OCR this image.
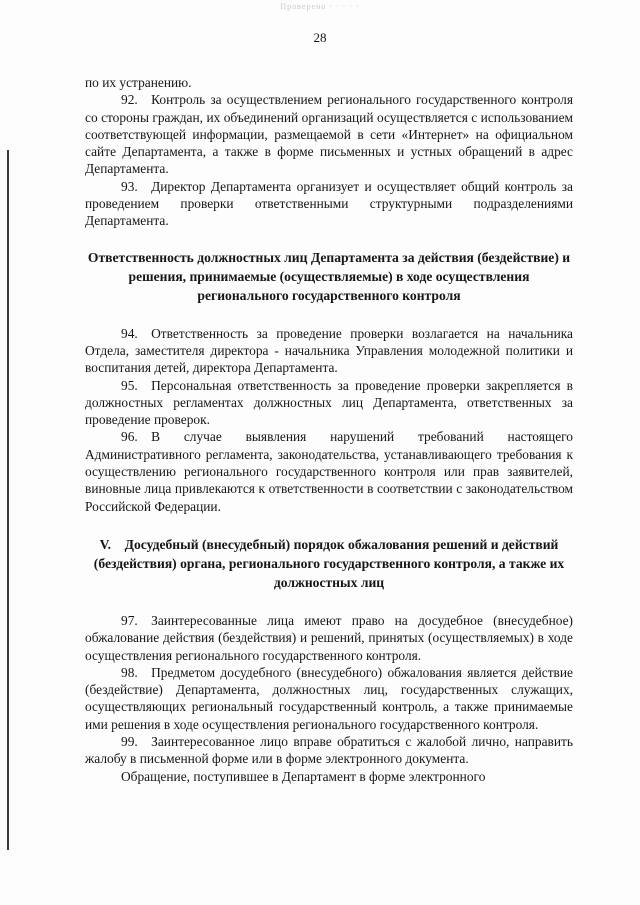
Проверено · · · · ·
28

по их устранению.

92. Контроль за осуществлением регионального государственного контроля со стороны граждан, их объединений организаций осуществляется с использованием соответствующей информации, размещаемой в сети «Интернет» на официальном сайте Департамента, а также в форме письменных и устных обращений в адрес Департамента.

93. Директор Департамента организует и осуществляет общий контроль за проведением проверки ответственными структурными подразделениями Департамента.

Ответственность должностных лиц Департамента за действия (бездействие) и решения, принимаемые (осуществляемые) в ходе осуществления регионального государственного контроля

94. Ответственность за проведение проверки возлагается на начальника Отдела, заместителя директора - начальника Управления молодежной политики и воспитания детей, директора Департамента.

95. Персональная ответственность за проведение проверки закрепляется в должностных регламентах должностных лиц Департамента, ответственных за проведение проверок.

96. В случае выявления нарушений требований настоящего Административного регламента, законодательства, устанавливающего требования к осуществлению регионального государственного контроля или прав заявителей, виновные лица привлекаются к ответственности в соответствии с законодательством Российской Федерации.

V. Досудебный (внесудебный) порядок обжалования решений и действий (бездействия) органа, регионального государственного контроля, а также их должностных лиц

97. Заинтересованные лица имеют право на досудебное (внесудебное) обжалование действия (бездействия) и решений, принятых (осуществляемых) в ходе осуществления регионального государственного контроля.

98. Предметом досудебного (внесудебного) обжалования является действие (бездействие) Департамента, должностных лиц, государственных служащих, осуществляющих региональный государственный контроль, а также принимаемые ими решения в ходе осуществления регионального государственного контроля.

99. Заинтересованное лицо вправе обратиться с жалобой лично, направить жалобу в письменной форме или в форме электронного документа.

Обращение, поступившее в Департамент в форме электронного
